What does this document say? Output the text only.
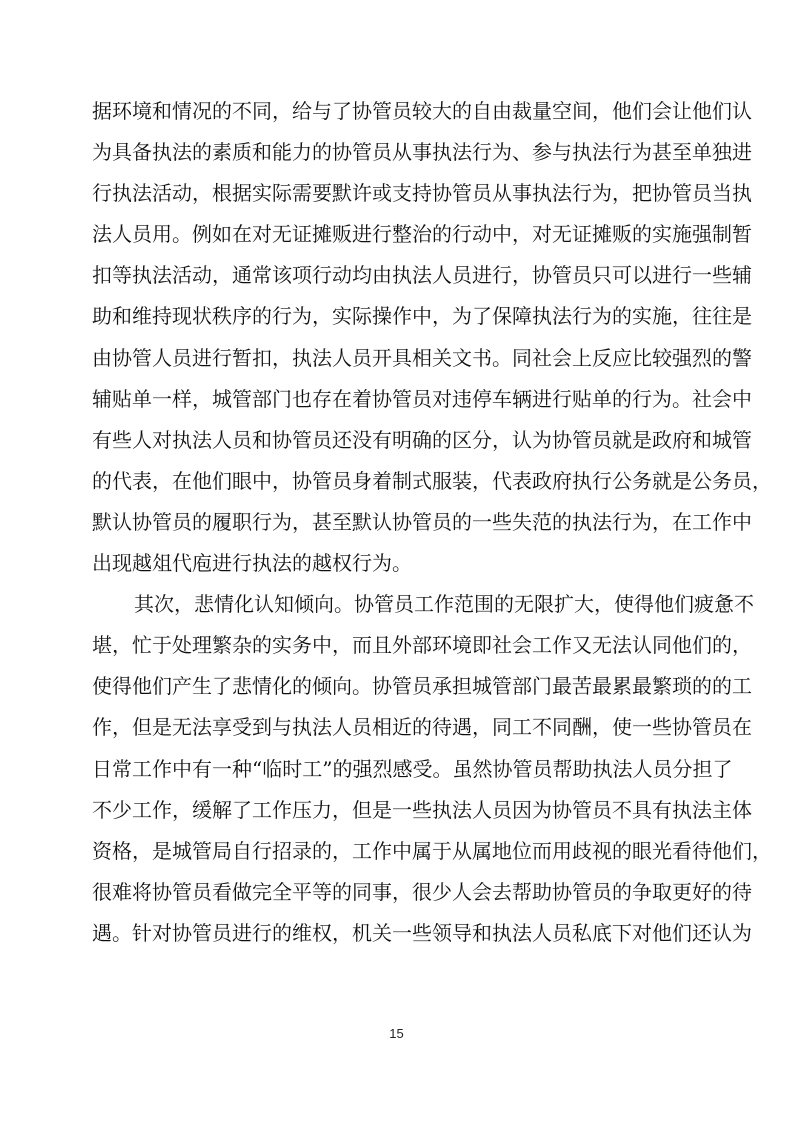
据环境和情况的不同，给与了协管员较大的自由裁量空间，他们会让他们认
为具备执法的素质和能力的协管员从事执法行为、参与执法行为甚至单独进
行执法活动，根据实际需要默许或支持协管员从事执法行为，把协管员当执
法人员用。例如在对无证摊贩进行整治的行动中，对无证摊贩的实施强制暂
扣等执法活动，通常该项行动均由执法人员进行，协管员只可以进行一些辅
助和维持现状秩序的行为，实际操作中，为了保障执法行为的实施，往往是
由协管人员进行暂扣，执法人员开具相关文书。同社会上反应比较强烈的警
辅贴单一样，城管部门也存在着协管员对违停车辆进行贴单的行为。社会中
有些人对执法人员和协管员还没有明确的区分，认为协管员就是政府和城管
的代表，在他们眼中，协管员身着制式服装，代表政府执行公务就是公务员，
默认协管员的履职行为，甚至默认协管员的一些失范的执法行为，在工作中
出现越俎代庖进行执法的越权行为。
其次，悲情化认知倾向。协管员工作范围的无限扩大，使得他们疲惫不
堪，忙于处理繁杂的实务中，而且外部环境即社会工作又无法认同他们的，
使得他们产生了悲情化的倾向。协管员承担城管部门最苦最累最繁琐的的工
作，但是无法享受到与执法人员相近的待遇，同工不同酬，使一些协管员在
日常工作中有一种“临时工”的强烈感受。虽然协管员帮助执法人员分担了
不少工作，缓解了工作压力，但是一些执法人员因为协管员不具有执法主体
资格，是城管局自行招录的，工作中属于从属地位而用歧视的眼光看待他们，
很难将协管员看做完全平等的同事，很少人会去帮助协管员的争取更好的待
遇。针对协管员进行的维权，机关一些领导和执法人员私底下对他们还认为
15
